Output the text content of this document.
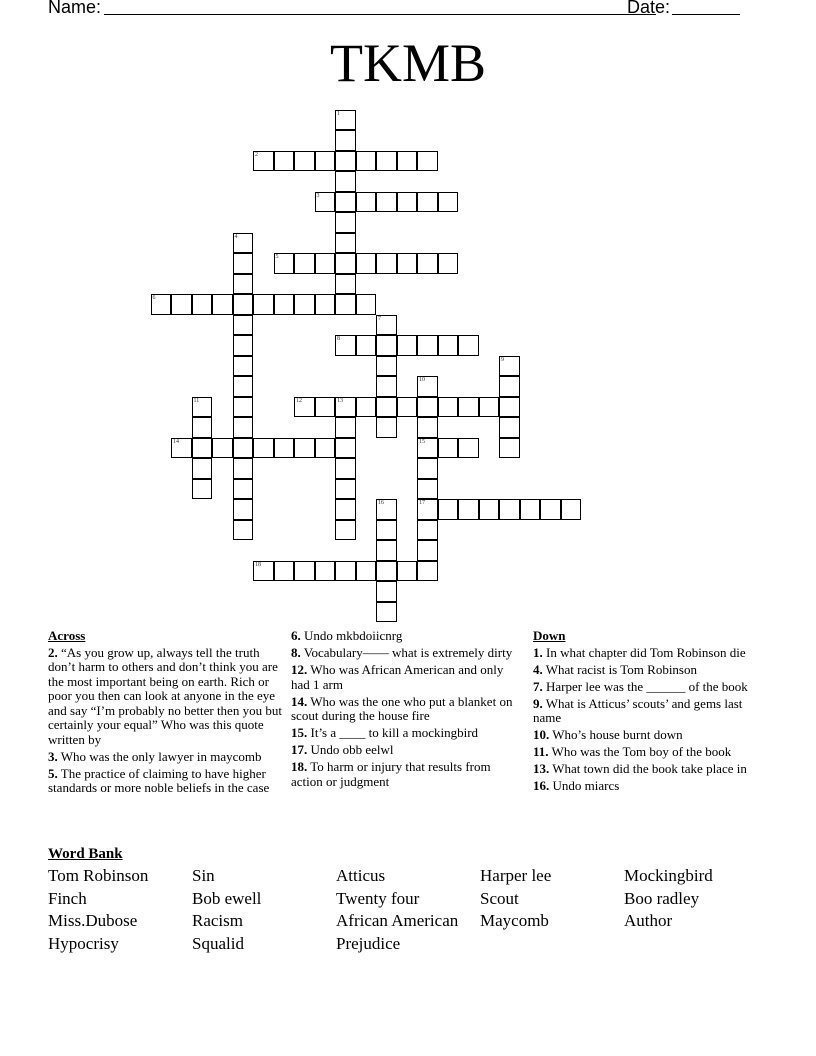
Name:	Date:
TKMB
1
2
3
4
5
6
7
8
9
10
15
17
11	12	13
14
16
18
Across
2. “As you grow up, always tell the truth don’t harm to others and don’t think you are the most important being on earth. Rich or poor you then can look at anyone in the eye and say “I’m probably no better then you but certainly your equal” Who was this quote written by
3. Who was the only lawyer in maycomb
5. The practice of claiming to have higher standards or more noble beliefs in the case
6. Undo mkbdoiicnrg
8. Vocabulary—— what is extremely dirty
12. Who was African American and only had 1 arm
14. Who was the one who put a blanket on scout during the house fire
15. It’s a ____ to kill a mockingbird
17. Undo obb eelwl
18. To harm or injury that results from action or judgment
Down
1. In what chapter did Tom Robinson die
4. What racist is Tom Robinson
7. Harper lee was the ______ of the book
9. What is Atticus’ scouts’ and gems last name
10. Who’s house burnt down
11. Who was the Tom boy of the book
13. What town did the book take place in
16. Undo miarcs
Word Bank
Tom Robinson	Sin	Atticus	Harper lee	Mockingbird
Finch	Bob ewell	Twenty four	Scout	Boo radley
Miss.Dubose	Racism	African American	Maycomb	Author
Hypocrisy	Squalid	Prejudice
